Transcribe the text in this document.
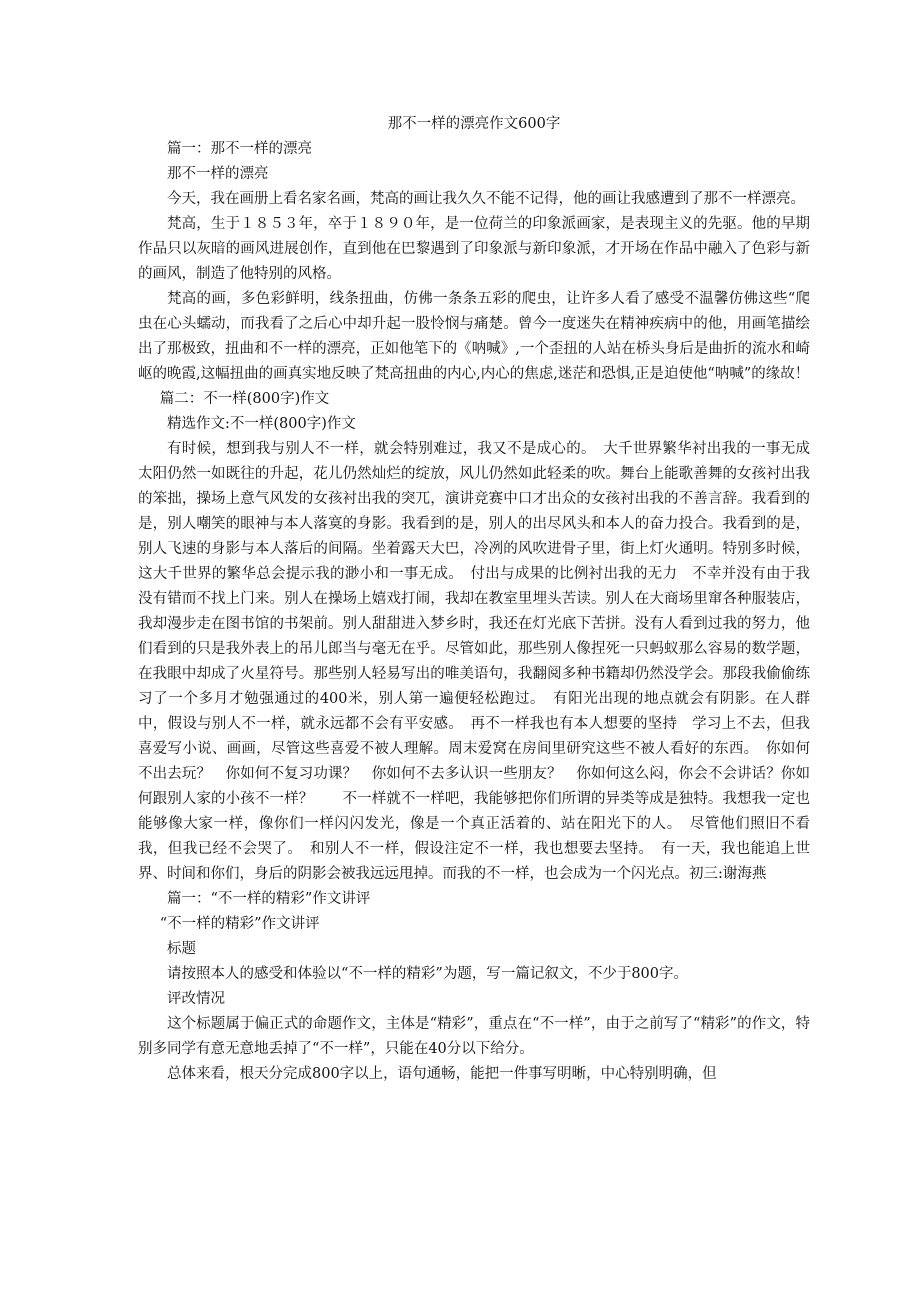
那不一样的漂亮作文600字
篇一：那不一样的漂亮
那不一样的漂亮
今天，我在画册上看名家名画，梵高的画让我久久不能不记得，他的画让我感遭到了那不一样漂亮。
梵高，生于１８５３年，卒于１８９０年，是一位荷兰的印象派画家，是表现主义的先驱。他的早期作品只以灰暗的画风进展创作，直到他在巴黎遇到了印象派与新印象派，才开场在作品中融入了色彩与新的画风，制造了他特别的风格。
梵高的画，多色彩鲜明，线条扭曲，仿佛一条条五彩的爬虫，让许多人看了感受不温馨仿佛这些“爬虫在心头蠕动，而我看了之后心中却升起一股怜悯与痛楚。曾今一度迷失在精神疾病中的他，用画笔描绘出了那极致，扭曲和不一样的漂亮，正如他笔下的《呐喊》,一个歪扭的人站在桥头身后是曲折的流水和崎岖的晚霞,这幅扭曲的画真实地反映了梵高扭曲的内心,内心的焦虑,迷茫和恐惧,正是迫使他“呐喊”的缘故！
篇二：不一样(800字)作文
精选作文:不一样(800字)作文
有时候，想到我与别人不一样，就会特别难过，我又不是成心的。　大千世界繁华衬出我的一事无成　太阳仍然一如既往的升起，花儿仍然灿烂的绽放，风儿仍然如此轻柔的吹。舞台上能歌善舞的女孩衬出我的笨拙，操场上意气风发的女孩衬出我的突兀，演讲竞赛中口才出众的女孩衬出我的不善言辞。我看到的是，别人嘲笑的眼神与本人落寞的身影。我看到的是，别人的出尽风头和本人的奋力投合。我看到的是，别人飞速的身影与本人落后的间隔。坐着露天大巴，冷冽的风吹进骨子里，街上灯火通明。特别多时候，这大千世界的繁华总会提示我的渺小和一事无成。　付出与成果的比例衬出我的无力　不幸并没有由于我没有错而不找上门来。别人在操场上嬉戏打闹，我却在教室里埋头苦读。别人在大商场里窜各种服装店，我却漫步走在图书馆的书架前。别人甜甜进入梦乡时，我还在灯光底下苦拼。没有人看到过我的努力，他们看到的只是我外表上的吊儿郎当与毫无在乎。尽管如此，那些别人像捏死一只蚂蚁那么容易的数学题，在我眼中却成了火星符号。那些别人轻易写出的唯美语句，我翻阅多种书籍却仍然没学会。那段我偷偷练习了一个多月才勉强通过的400米，别人第一遍便轻松跑过。　有阳光出现的地点就会有阴影。在人群中，假设与别人不一样，就永远都不会有平安感。　再不一样我也有本人想要的坚持　学习上不去，但我喜爱写小说、画画，尽管这些喜爱不被人理解。周末爱窝在房间里研究这些不被人看好的东西。　你如何不出去玩？　你如何不复习功课？　你如何不去多认识一些朋友？　你如何这么闷，你会不会讲话？你如何跟别人家的小孩不一样？　　不一样就不一样吧，我能够把你们所谓的异类等成是独特。我想我一定也能够像大家一样，像你们一样闪闪发光，像是一个真正活着的、站在阳光下的人。　尽管他们照旧不看我，但我已经不会哭了。　和别人不一样，假设注定不一样，我也想要去坚持。　有一天，我也能追上世界、时间和你们，身后的阴影会被我远远甩掉。而我的不一样，也会成为一个闪光点。初三:谢海燕
篇一：“不一样的精彩”作文讲评
“不一样的精彩”作文讲评
标题
请按照本人的感受和体验以“不一样的精彩”为题，写一篇记叙文，不少于800字。
评改情况
这个标题属于偏正式的命题作文，主体是“精彩”，重点在“不一样”，由于之前写了“精彩”的作文，特别多同学有意无意地丢掉了“不一样”，只能在40分以下给分。
总体来看，根天分完成800字以上，语句通畅，能把一件事写明晰，中心特别明确，但
